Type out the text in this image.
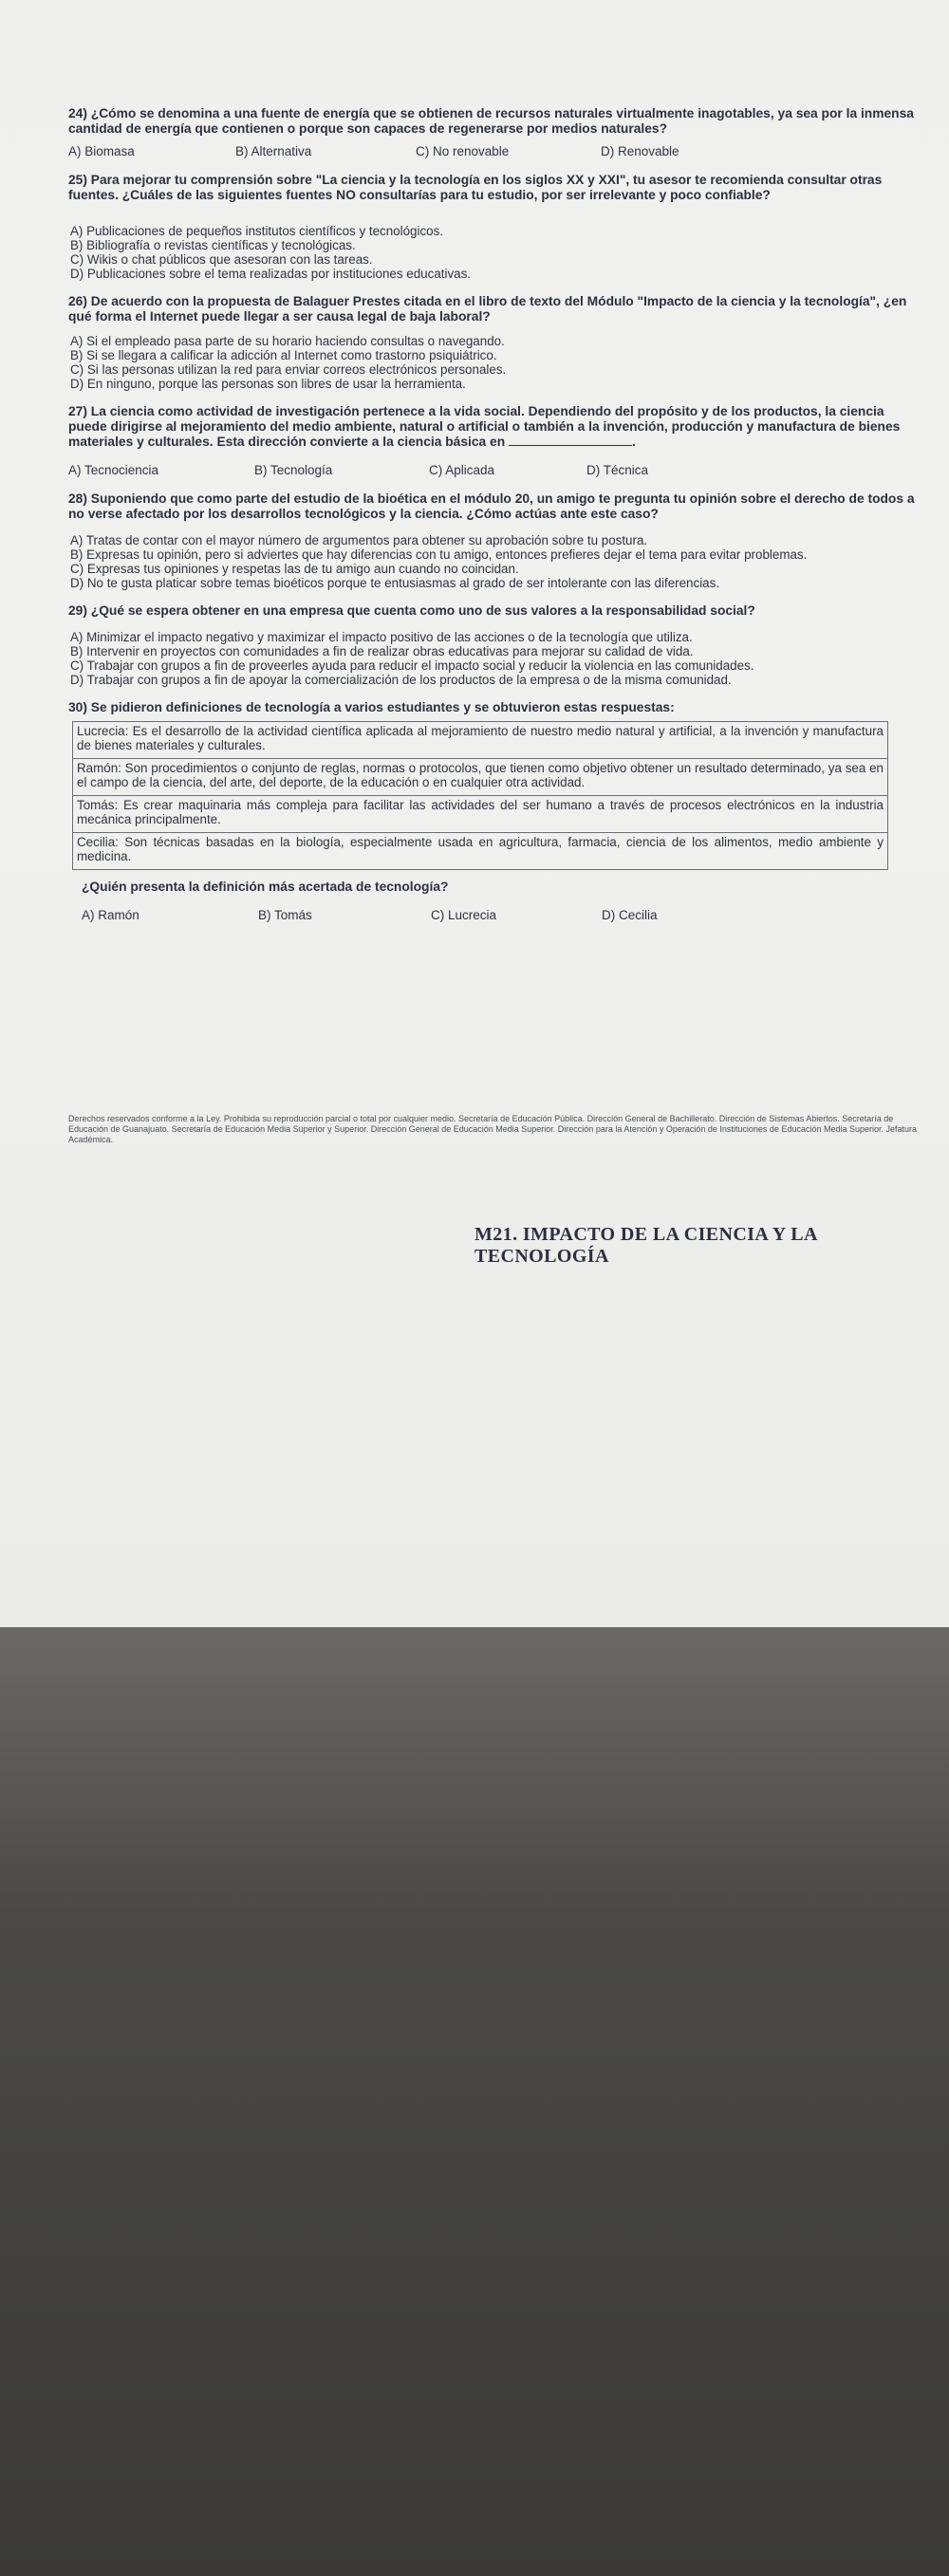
24) ¿Cómo se denomina a una fuente de energía que se obtienen de recursos naturales virtualmente inagotables, ya sea por la inmensa cantidad de energía que contienen o porque son capaces de regenerarse por medios naturales?

A) Biomasa	B) Alternativa	C) No renovable	D) Renovable

25) Para mejorar tu comprensión sobre "La ciencia y la tecnología en los siglos XX y XXI", tu asesor te recomienda consultar otras fuentes. ¿Cuáles de las siguientes fuentes NO consultarías para tu estudio, por ser irrelevante y poco confiable?

A) Publicaciones de pequeños institutos científicos y tecnológicos.
B) Bibliografía o revistas científicas y tecnológicas.
C) Wikis o chat públicos que asesoran con las tareas.
D) Publicaciones sobre el tema realizadas por instituciones educativas.

26) De acuerdo con la propuesta de Balaguer Prestes citada en el libro de texto del Módulo "Impacto de la ciencia y la tecnología", ¿en qué forma el Internet puede llegar a ser causa legal de baja laboral?

A) Si el empleado pasa parte de su horario haciendo consultas o navegando.
B) Si se llegara a calificar la adicción al Internet como trastorno psiquiátrico.
C) Si las personas utilizan la red para enviar correos electrónicos personales.
D) En ninguno, porque las personas son libres de usar la herramienta.

27) La ciencia como actividad de investigación pertenece a la vida social. Dependiendo del propósito y de los productos, la ciencia puede dirigirse al mejoramiento del medio ambiente, natural o artificial o también a la invención, producción y manufactura de bienes materiales y culturales. Esta dirección convierte a la ciencia básica en	.

A) Tecnociencia	B) Tecnología	C) Aplicada	D) Técnica

28) Suponiendo que como parte del estudio de la bioética en el módulo 20, un amigo te pregunta tu opinión sobre el derecho de todos a no verse afectado por los desarrollos tecnológicos y la ciencia. ¿Cómo actúas ante este caso?

A) Tratas de contar con el mayor número de argumentos para obtener su aprobación sobre tu postura.
B) Expresas tu opinión, pero si adviertes que hay diferencias con tu amigo, entonces prefieres dejar el tema para evitar problemas.
C) Expresas tus opiniones y respetas las de tu amigo aun cuando no coincidan.
D) No te gusta platicar sobre temas bioéticos porque te entusiasmas al grado de ser intolerante con las diferencias.

29) ¿Qué se espera obtener en una empresa que cuenta como uno de sus valores a la responsabilidad social?

A) Minimizar el impacto negativo y maximizar el impacto positivo de las acciones o de la tecnología que utiliza.
B) Intervenir en proyectos con comunidades a fin de realizar obras educativas para mejorar su calidad de vida.
C) Trabajar con grupos a fin de proveerles ayuda para reducir el impacto social y reducir la violencia en las comunidades.
D) Trabajar con grupos a fin de apoyar la comercialización de los productos de la empresa o de la misma comunidad.

30) Se pidieron definiciones de tecnología a varios estudiantes y se obtuvieron estas respuestas:

Lucrecia: Es el desarrollo de la actividad científica aplicada al mejoramiento de nuestro medio natural y artificial, a la invención y manufactura de bienes materiales y culturales.
Ramón: Son procedimientos o conjunto de reglas, normas o protocolos, que tienen como objetivo obtener un resultado determinado, ya sea en el campo de la ciencia, del arte, del deporte, de la educación o en cualquier otra actividad.
Tomás: Es crear maquinaria más compleja para facilitar las actividades del ser humano a través de procesos electrónicos en la industria mecánica principalmente.
Cecilia: Son técnicas basadas en la biología, especialmente usada en agricultura, farmacia, ciencia de los alimentos, medio ambiente y medicina.

¿Quién presenta la definición más acertada de tecnología?

A) Ramón	B) Tomás	C) Lucrecia	D) Cecilia
Derechos reservados conforme a la Ley. Prohibida su reproducción parcial o total por cualquier medio. Secretaría de Educación Pública. Dirección General de Bachillerato. Dirección de Sistemas Abiertos. Secretaría de Educación de Guanajuato. Secretaría de Educación Media Superior y Superior. Dirección General de Educación Media Superior. Dirección para la Atención y Operación de Instituciones de Educación Media Superior. Jefatura Académica.
M21. IMPACTO DE LA CIENCIA Y LA TECNOLOGÍA
